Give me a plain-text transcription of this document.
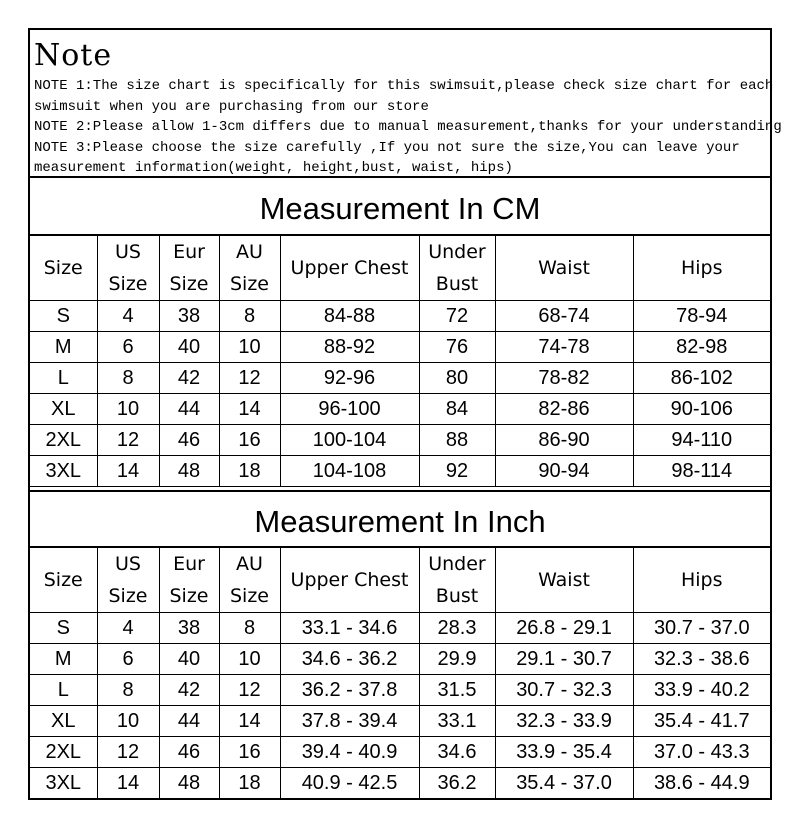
Note
NOTE 1:The size chart is specifically for this swimsuit,please check size chart for each
swimsuit when you are purchasing from our store
NOTE 2:Please allow 1-3cm differs due to manual measurement,thanks for your understanding
NOTE 3:Please choose the size carefully ,If you not sure the size,You can leave your
measurement information(weight, height,bust, waist, hips)
Measurement In CM
Size	US Size	Eur Size	AU Size	Upper Chest	Under Bust	Waist	Hips
S	4	38	8	84-88	72	68-74	78-94
M	6	40	10	88-92	76	74-78	82-98
L	8	42	12	92-96	80	78-82	86-102
XL	10	44	14	96-100	84	82-86	90-106
2XL	12	46	16	100-104	88	86-90	94-110
3XL	14	48	18	104-108	92	90-94	98-114
Measurement In Inch
Size	US Size	Eur Size	AU Size	Upper Chest	Under Bust	Waist	Hips
S	4	38	8	33.1 - 34.6	28.3	26.8 - 29.1	30.7 - 37.0
M	6	40	10	34.6 - 36.2	29.9	29.1 - 30.7	32.3 - 38.6
L	8	42	12	36.2 - 37.8	31.5	30.7 - 32.3	33.9 - 40.2
XL	10	44	14	37.8 - 39.4	33.1	32.3 - 33.9	35.4 - 41.7
2XL	12	46	16	39.4 - 40.9	34.6	33.9 - 35.4	37.0 - 43.3
3XL	14	48	18	40.9 - 42.5	36.2	35.4 - 37.0	38.6 - 44.9
